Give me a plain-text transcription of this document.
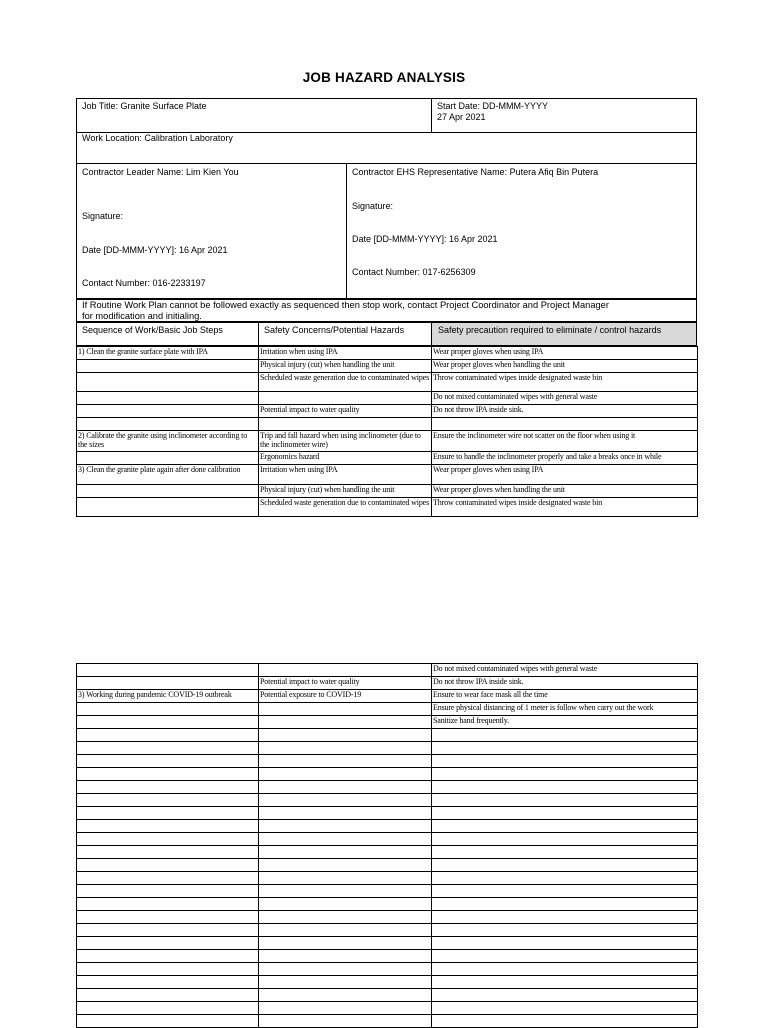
JOB HAZARD ANALYSIS
Job Title: Granite Surface Plate	Start Date: DD-MMM-YYYY
27 Apr 2021
Work Location: Calibration Laboratory
Contractor Leader Name: Lim Kien You
Signature:
Date [DD-MMM-YYYY]: 16 Apr 2021
Contact Number: 016-2233197
Contractor EHS Representative Name: Putera Afiq Bin Putera
Signature:
Date [DD-MMM-YYYY]: 16 Apr 2021
Contact Number: 017-6256309
If Routine Work Plan cannot be followed exactly as sequenced then stop work, contact Project Coordinator and Project Manager
for modification and initialing.
Sequence of Work/Basic Job Steps	Safety Concerns/Potential Hazards	Safety precaution required to eliminate / control hazards
1) Clean the granite surface plate with IPA	Irritation when using IPA	Wear proper gloves when using IPA
	Physical injury (cut) when handling the unit	Wear proper gloves when handling the unit
	Scheduled waste generation due to contaminated wipes	Throw contaminated wipes inside designated waste bin
		Do not mixed contaminated wipes with general waste
	Potential impact to water quality	Do not throw IPA inside sink.

2) Calibrate the granite using inclinometer according to the sizes	Trip and fall hazard when using inclinometer (due to the inclinometer wire)	Ensure the inclinometer wire not scatter on the floor when using it
	Ergonomics hazard	Ensure to handle the inclinometer properly and take a breaks once in while
3) Clean the granite plate again after done calibration	Irritation when using IPA	Wear proper gloves when using IPA
	Physical injury (cut) when handling the unit	Wear proper gloves when handling the unit
	Scheduled waste generation due to contaminated wipes	Throw contaminated wipes inside designated waste bin
		Do not mixed contaminated wipes with general waste
	Potential impact to water quality	Do not throw IPA inside sink.
3) Working during pandemic COVID-19 outbreak	Potential exposure to COVID-19	Ensure to wear face mask all the time
		Ensure physical distancing of 1 meter is follow when carry out the work
		Sanitize hand frequently.
